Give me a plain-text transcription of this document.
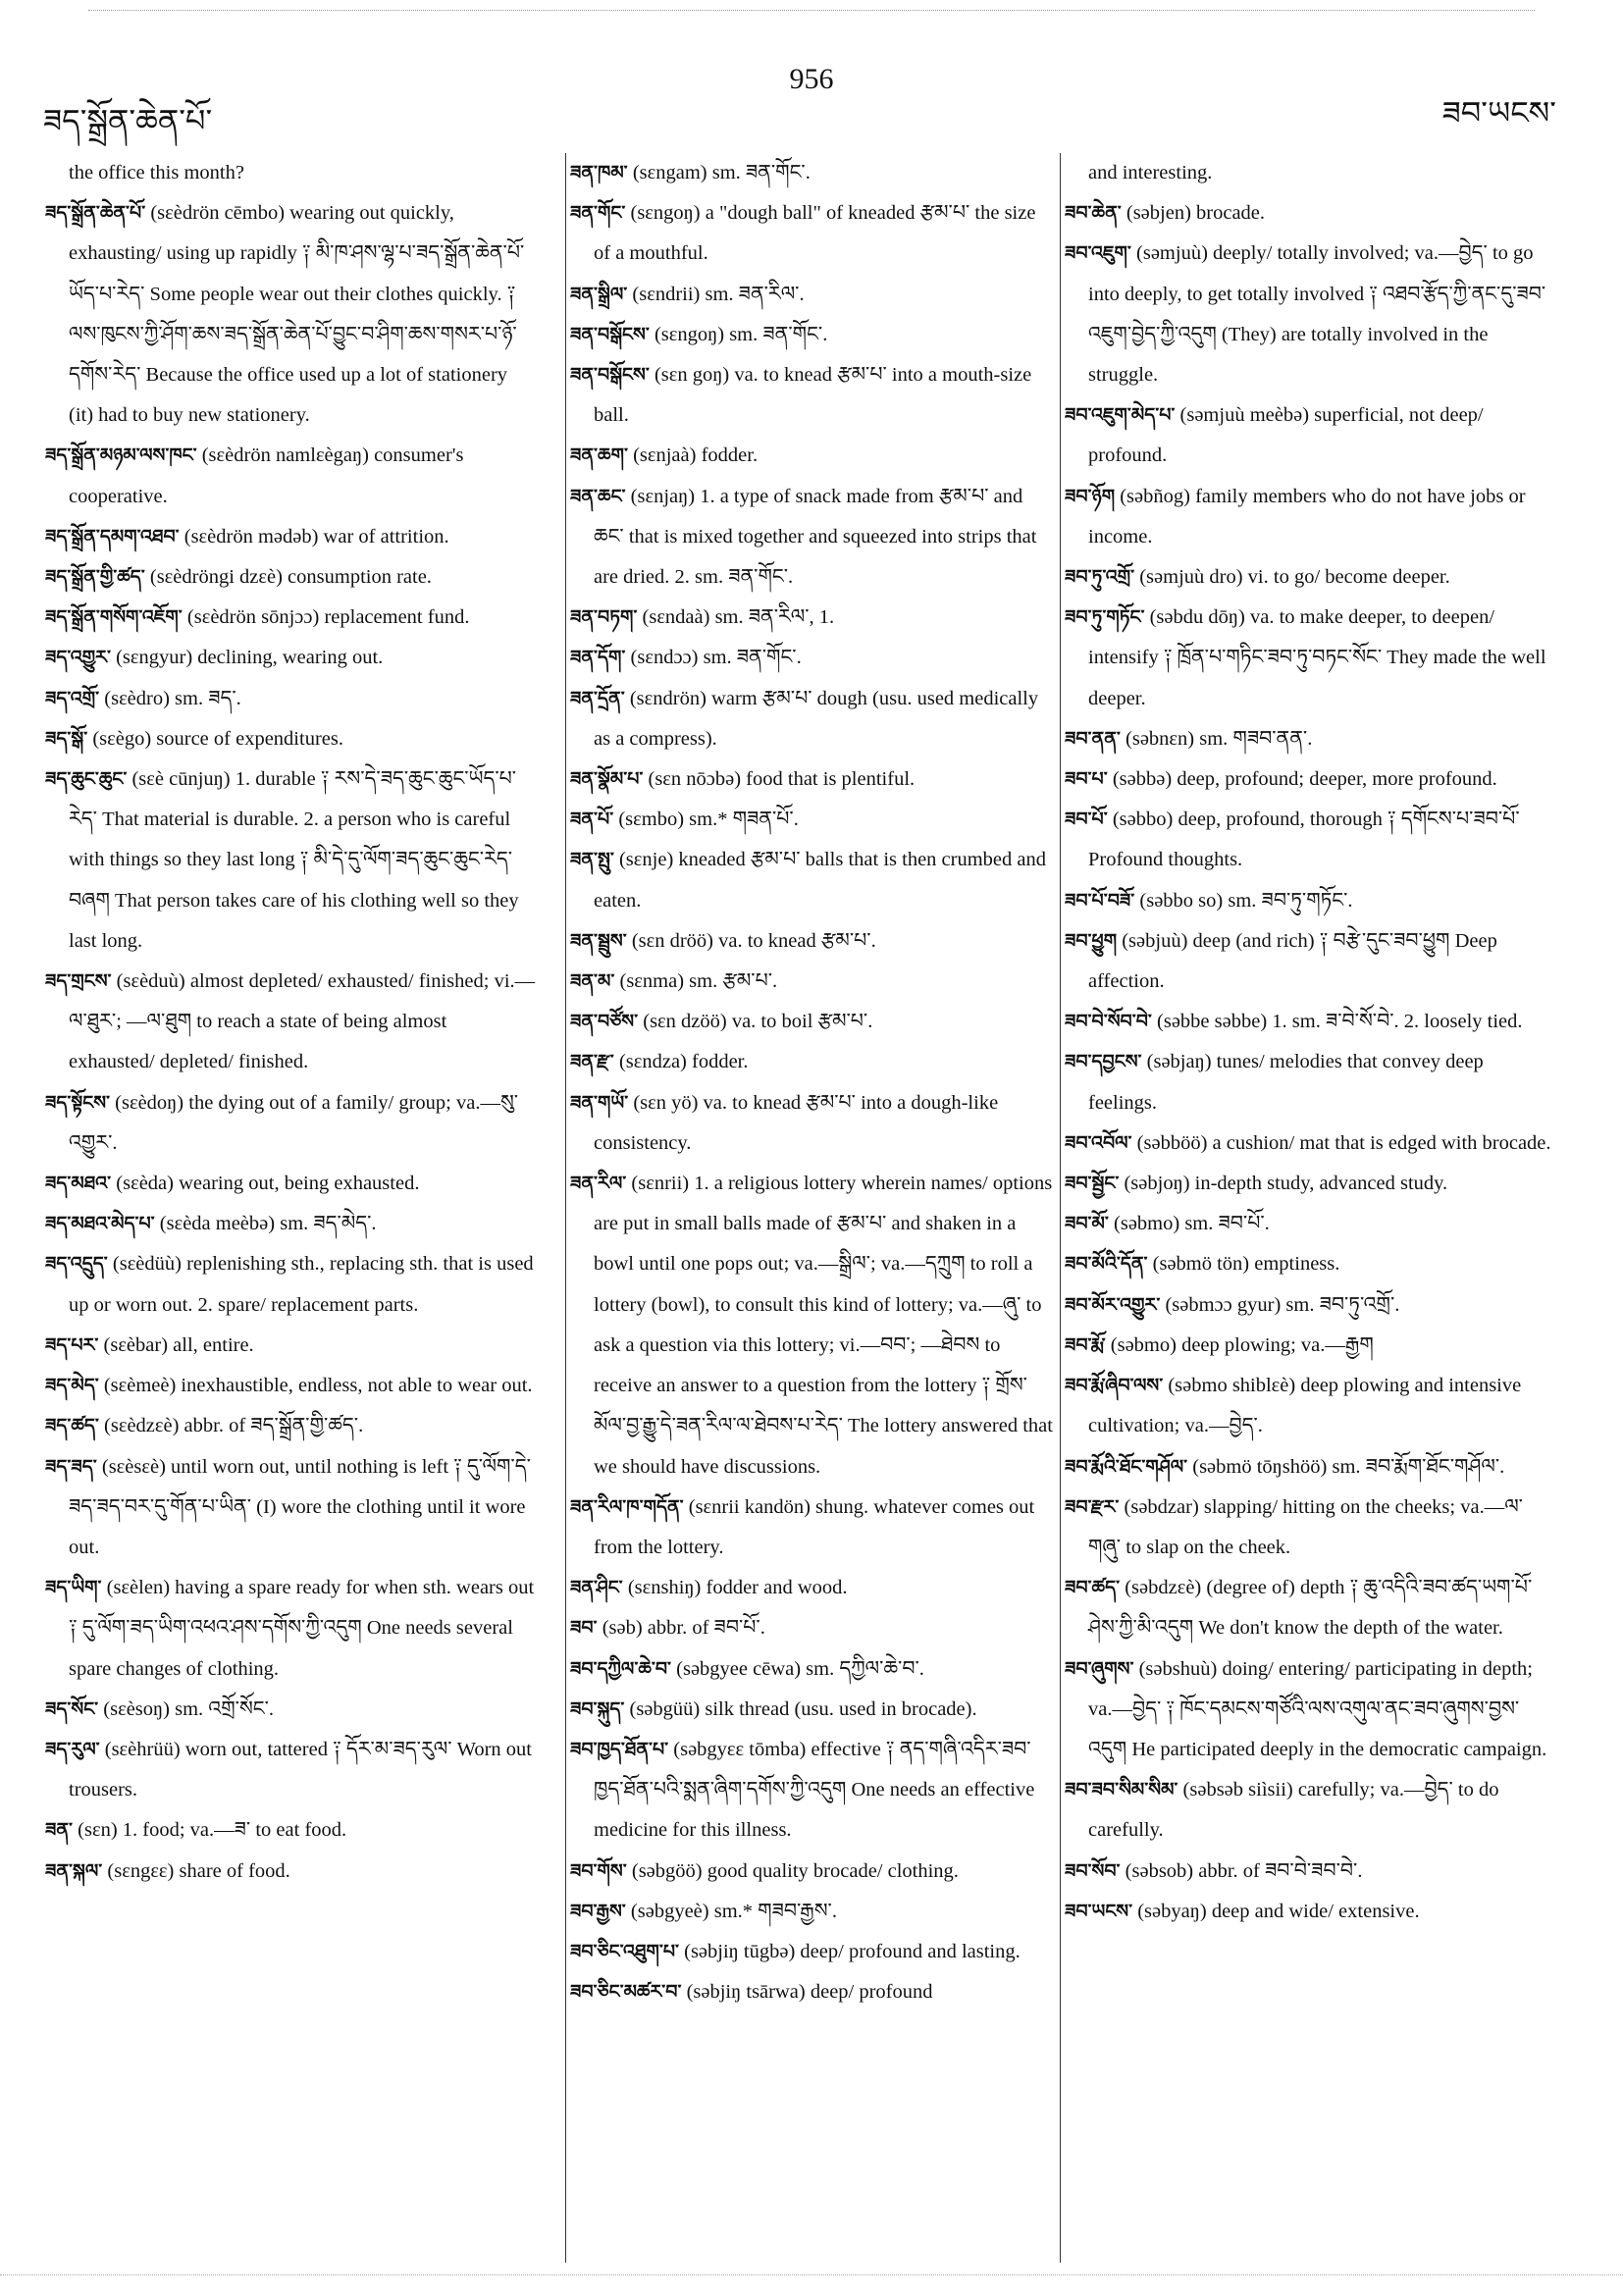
ཟད་སྒྲོན་ཆེན་པོ་
956
ཟབ་ཡངས་

the office this month?

ཟད་སྒྲོན་ཆེན་པོ་ (sεèdrön cēmbo) wearing out quickly, exhausting/ using up rapidly ༑ མི་ཁ་ཤས་ལྷ་པ་ཟད་སྒྲོན་ཆེན་པོ་ཡོད་པ་རེད་ Some people wear out their clothes quickly. ༑ ལས་ཁུངས་ཀྱི་ཤོག་ཆས་ཟད་སྒྲོན་ཆེན་པོ་བྱུང་བ་ཤིག་ཆས་གསར་པ་ཉོ་དགོས་རེད་ Because the office used up a lot of stationery (it) had to buy new stationery.

ཟད་སྒྲོན་མཉམ་ལས་ཁང་ (sεèdrön namlεègaŋ) consumer's cooperative.

ཟད་སྒྲོན་དམག་འཐབ་ (sεèdrön mədəb) war of attrition.

ཟད་སྒྲོན་གྱི་ཚད་ (sεèdröngi dzεè) consumption rate.

ཟད་སྒྲོན་གསོག་འཇོག་ (sεèdrön sōnjɔɔ) replacement fund.

ཟད་འགྱུར་ (sεngyur) declining, wearing out.

ཟད་འགྲོ་ (sεèdro) sm. ཟད་.

ཟད་སྒོ་ (sεègo) source of expenditures.

ཟད་ཆུང་ཆུང་ (sεè cūnjuŋ) 1. durable ༑ རས་དེ་ཟད་ཆུང་ཆུང་ཡོད་པ་རེད་ That material is durable. 2. a person who is careful with things so they last long ༑ མི་དེ་དུ་ལོག་ཟད་ཆུང་ཆུང་རེད་བཞག That person takes care of his clothing well so they last long.

ཟད་གྲངས་ (sεèduù) almost depleted/ exhausted/ finished; vi.—ལ་ཐུར་; —ལ་ཐུག to reach a state of being almost exhausted/ depleted/ finished.

ཟད་སྟོངས་ (sεèdoŋ) the dying out of a family/ group; va.—སུ་འགྱུར་.

ཟད་མཐའ་ (sεèda) wearing out, being exhausted.

ཟད་མཐའ་མེད་པ་ (sεèda meèbə) sm. ཟད་མེད་.

ཟད་འདྲུད་ (sεèdüù) replenishing sth., replacing sth. that is used up or worn out. 2. spare/ replacement parts.

ཟད་པར་ (sεèbar) all, entire.

ཟད་མེད་ (sεèmeè) inexhaustible, endless, not able to wear out.

ཟད་ཚད་ (sεèdzεè) abbr. of ཟད་སྒྲོན་གྱི་ཚད་.

ཟད་ཟད་ (sεèsεè) until worn out, until nothing is left ༑ དུ་ལོག་དེ་ཟད་ཟད་བར་དུ་གོན་པ་ཡིན་ (I) wore the clothing until it wore out.

ཟད་ཡིག་ (sεèlen) having a spare ready for when sth. wears out ༑ དུ་ལོག་ཟད་ཡིག་འཕའ་ཤས་དགོས་ཀྱི་འདུག One needs several spare changes of clothing.

ཟད་སོང་ (sεèsoŋ) sm. འགྲོ་སོང་.

ཟད་རུལ་ (sεèhrüü) worn out, tattered ༑ དོར་མ་ཟད་རུལ་ Worn out trousers.

ཟན་ (sεn) 1. food; va.—ཟ་ to eat food.

ཟན་སྐལ་ (sεngεε) share of food.

ཟན་ཁམ་ (sεngam) sm. ཟན་གོང་.

ཟན་གོང་ (sεngoŋ) a "dough ball" of kneaded རྩམ་པ་ the size of a mouthful.

ཟན་སྒྲིལ་ (sεndrii) sm. ཟན་རིལ་.

ཟན་བསྒོངས་ (sεngoŋ) sm. ཟན་གོང་.

ཟན་བསྒོངས་ (sεn goŋ) va. to knead རྩམ་པ་ into a mouth-size ball.

ཟན་ཆག་ (sεnjaà) fodder.

ཟན་ཆང་ (sεnjaŋ) 1. a type of snack made from རྩམ་པ་ and ཆང་ that is mixed together and squeezed into strips that are dried. 2. sm. ཟན་གོང་.

ཟན་བཏག་ (sεndaà) sm. ཟན་རིལ་, 1.

ཟན་དོག་ (sεndɔɔ) sm. ཟན་གོང་.

ཟན་དྲོན་ (sεndrön) warm རྩམ་པ་ dough (usu. used medically as a compress).

ཟན་སྣོམ་པ་ (sεn nōɔbə) food that is plentiful.

ཟན་པོ་ (sεmbo) sm.* གཟན་པོ་.

ཟན་སྤུ་ (sεnje) kneaded རྩམ་པ་ balls that is then crumbed and eaten.

ཟན་སྦྲུས་ (sεn dröö) va. to knead རྩམ་པ་.

ཟན་མ་ (sεnma) sm. རྩམ་པ་.

ཟན་བཙོས་ (sεn dzöö) va. to boil རྩམ་པ་.

ཟན་རྫ་ (sεndza) fodder.

ཟན་གཡོ་ (sεn yö) va. to knead རྩམ་པ་ into a dough-like consistency.

ཟན་རིལ་ (sεnrii) 1. a religious lottery wherein names/ options are put in small balls made of རྩམ་པ་ and shaken in a bowl until one pops out; va.—སྒྲིལ་; va.—དཀྲུག to roll a lottery (bowl), to consult this kind of lottery; va.—ཞུ་ to ask a question via this lottery; vi.—བབ་; —ཐེབས to receive an answer to a question from the lottery ༑ གྲོས་མོལ་བྱ་རྒྱུ་དེ་ཟན་རིལ་ལ་ཐེབས་པ་རེད་ The lottery answered that we should have discussions.

ཟན་རིལ་ཁ་གདོན་ (sεnrii kandön) shung. whatever comes out from the lottery.

ཟན་ཤིང་ (sεnshiŋ) fodder and wood.

ཟབ་ (səb) abbr. of ཟབ་པོ་.

ཟབ་དཀྱིལ་ཆེ་བ་ (səbgyee cēwa) sm. དཀྱིལ་ཆེ་བ་.

ཟབ་སྐུད་ (səbgüü) silk thread (usu. used in brocade).

ཟབ་ཁྱད་ཐོན་པ་ (səbgyεε tōmba) effective ༑ ནད་གཞི་འདིར་ཟབ་ཁྱད་ཐོན་པའི་སྨན་ཞིག་དགོས་ཀྱི་འདུག One needs an effective medicine for this illness.

ཟབ་གོས་ (səbgöö) good quality brocade/ clothing.

ཟབ་རྒྱས་ (səbgyeè) sm.* གཟབ་རྒྱས་.

ཟབ་ཅིང་འཐུག་པ་ (səbjiŋ tūgbə) deep/ profound and lasting.

ཟབ་ཅིང་མཚར་བ་ (səbjiŋ tsārwa) deep/ profound

and interesting.

ཟབ་ཆེན་ (səbjen) brocade.

ཟབ་འཇུག་ (səmjuù) deeply/ totally involved; va.—བྱེད་ to go into deeply, to get totally involved ༑ འཐབ་རྩོད་ཀྱི་ནང་དུ་ཟབ་འཇུག་བྱེད་ཀྱི་འདུག (They) are totally involved in the struggle.

ཟབ་འཇུག་མེད་པ་ (səmjuù meèbə) superficial, not deep/ profound.

ཟབ་ཉོག (səbñog) family members who do not have jobs or income.

ཟབ་ཏུ་འགྲོ་ (səmjuù dro) vi. to go/ become deeper.

ཟབ་ཏུ་གཏོང་ (səbdu dōŋ) va. to make deeper, to deepen/ intensify ༑ ཁྲོན་པ་གཏིང་ཟབ་ཏུ་བཏང་སོང་ They made the well deeper.

ཟབ་ནན་ (səbnεn) sm. གཟབ་ནན་.

ཟབ་པ་ (səbbə) deep, profound; deeper, more profound.

ཟབ་པོ་ (səbbo) deep, profound, thorough ༑ དགོངས་པ་ཟབ་པོ་ Profound thoughts.

ཟབ་པོ་བཟོ་ (səbbo so) sm. ཟབ་ཏུ་གཏོང་.

ཟབ་ཕྱུག (səbjuù) deep (and rich) ༑ བརྩེ་དུང་ཟབ་ཕྱུག Deep affection.

ཟབ་བེ་སོབ་བེ་ (səbbe səbbe) 1. sm. ཟ་བེ་སོ་བེ་. 2. loosely tied.

ཟབ་དབྱངས་ (səbjaŋ) tunes/ melodies that convey deep feelings.

ཟབ་འབོལ་ (səbböö) a cushion/ mat that is edged with brocade.

ཟབ་སྦྱོང་ (səbjoŋ) in-depth study, advanced study.

ཟབ་མོ་ (səbmo) sm. ཟབ་པོ་.

ཟབ་མོའི་དོན་ (səbmö tön) emptiness.

ཟབ་མོར་འགྱུར་ (səbmɔɔ gyur) sm. ཟབ་ཏུ་འགྲོ་.

ཟབ་རྨོ་ (səbmo) deep plowing; va.—རྒྱག

ཟབ་རྨོ་ཞིབ་ལས་ (səbmo shiblεè) deep plowing and intensive cultivation; va.—བྱེད་.

ཟབ་རྨོའི་ཐོང་གཤོལ་ (səbmö tōŋshöö) sm. ཟབ་རྨོག་ཐོང་གཤོལ་.

ཟབ་རྫར་ (səbdzar) slapping/ hitting on the cheeks; va.—ལ་གཞུ་ to slap on the cheek.

ཟབ་ཚད་ (səbdzεè) (degree of) depth ༑ ཆུ་འདིའི་ཟབ་ཚད་ཡག་པོ་ཤེས་ཀྱི་མི་འདུག We don't know the depth of the water.

ཟབ་ཞུགས་ (səbshuù) doing/ entering/ participating in depth; va.—བྱེད་ ༑ ཁོང་དམངས་གཙོའི་ལས་འགུལ་ནང་ཟབ་ཞུགས་བྱས་འདུག He participated deeply in the democratic campaign.

ཟབ་ཟབ་སིམ་སིམ་ (səbsəb siìsii) carefully; va.—བྱེད་ to do carefully.

ཟབ་སོབ་ (səbsob) abbr. of ཟབ་བེ་ཟབ་བེ་.

ཟབ་ཡངས་ (səbyaŋ) deep and wide/ extensive.
